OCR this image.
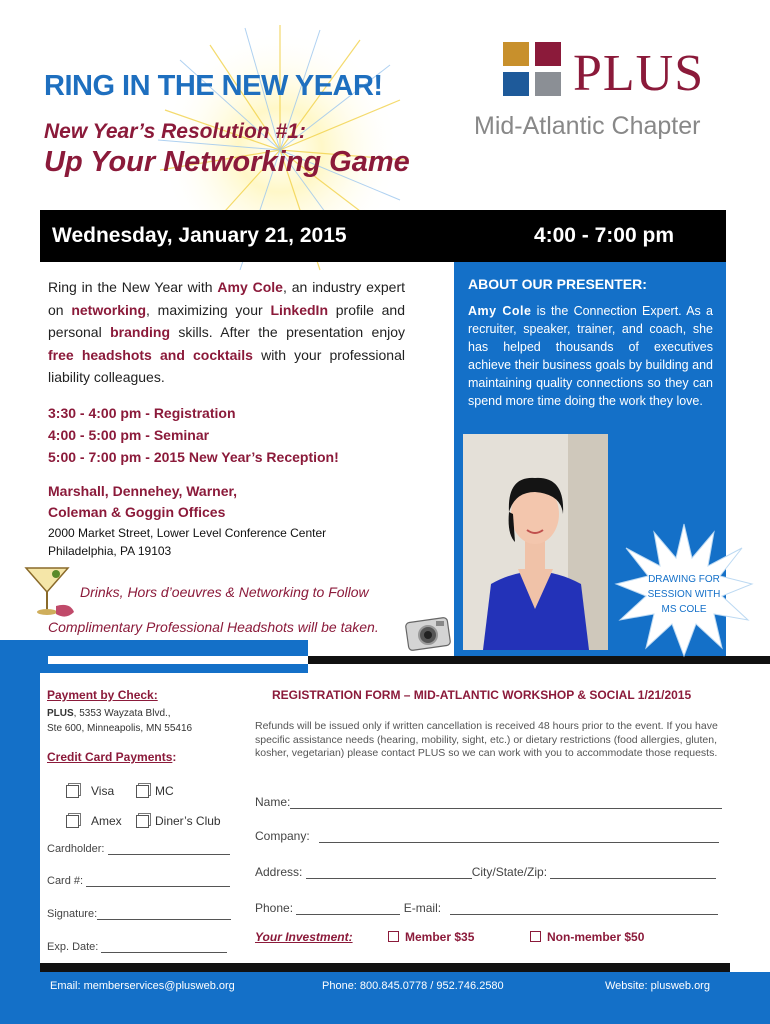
RING IN THE NEW YEAR!
New Year’s Resolution #1:
Up Your Networking Game
PLUS
Mid-Atlantic Chapter
Wednesday, January 21, 2015	4:00 - 7:00 pm
ABOUT OUR PRESENTER:
Amy Cole is the Connection Expert. As a recruiter, speaker, trainer, and coach, she has helped thousands of executives achieve their business goals by building and maintaining quality connections so they can spend more time doing the work they love.
Ring in the New Year with Amy Cole, an industry expert on networking, maximizing your LinkedIn profile and personal branding skills. After the presentation enjoy free headshots and cocktails with your professional liability colleagues.
3:30 - 4:00 pm - Registration
4:00 - 5:00 pm - Seminar
5:00 - 7:00 pm - 2015 New Year’s Reception!
Marshall, Dennehey, Warner,
Coleman & Goggin Offices
2000 Market Street, Lower Level Conference Center
Philadelphia, PA 19103
Drinks, Hors d’oeuvres & Networking to Follow
Complimentary Professional Headshots will be taken.
DRAWING FOR
SESSION WITH
MS COLE
Payment by Check:
PLUS, 5353 Wayzata Blvd.,
Ste 600, Minneapolis, MN 55416
Credit Card Payments:
Visa	MC
Amex	Diner’s Club
Cardholder:
Card #:
Signature:
Exp. Date:
REGISTRATION FORM – MID-ATLANTIC WORKSHOP & SOCIAL 1/21/2015
Refunds will be issued only if written cancellation is received 48 hours prior to the event. If you have specific assistance needs (hearing, mobility, sight, etc.) or dietary restrictions (food allergies, gluten, kosher, vegetarian) please contact PLUS so we can work with you to accommodate those requests.
Name:
Company:
Address:	City/State/Zip:
Phone:	E-mail:
Your Investment:	Member $35	Non-member $50
Email: memberservices@plusweb.org	Phone: 800.845.0778 / 952.746.2580	Website: plusweb.org
